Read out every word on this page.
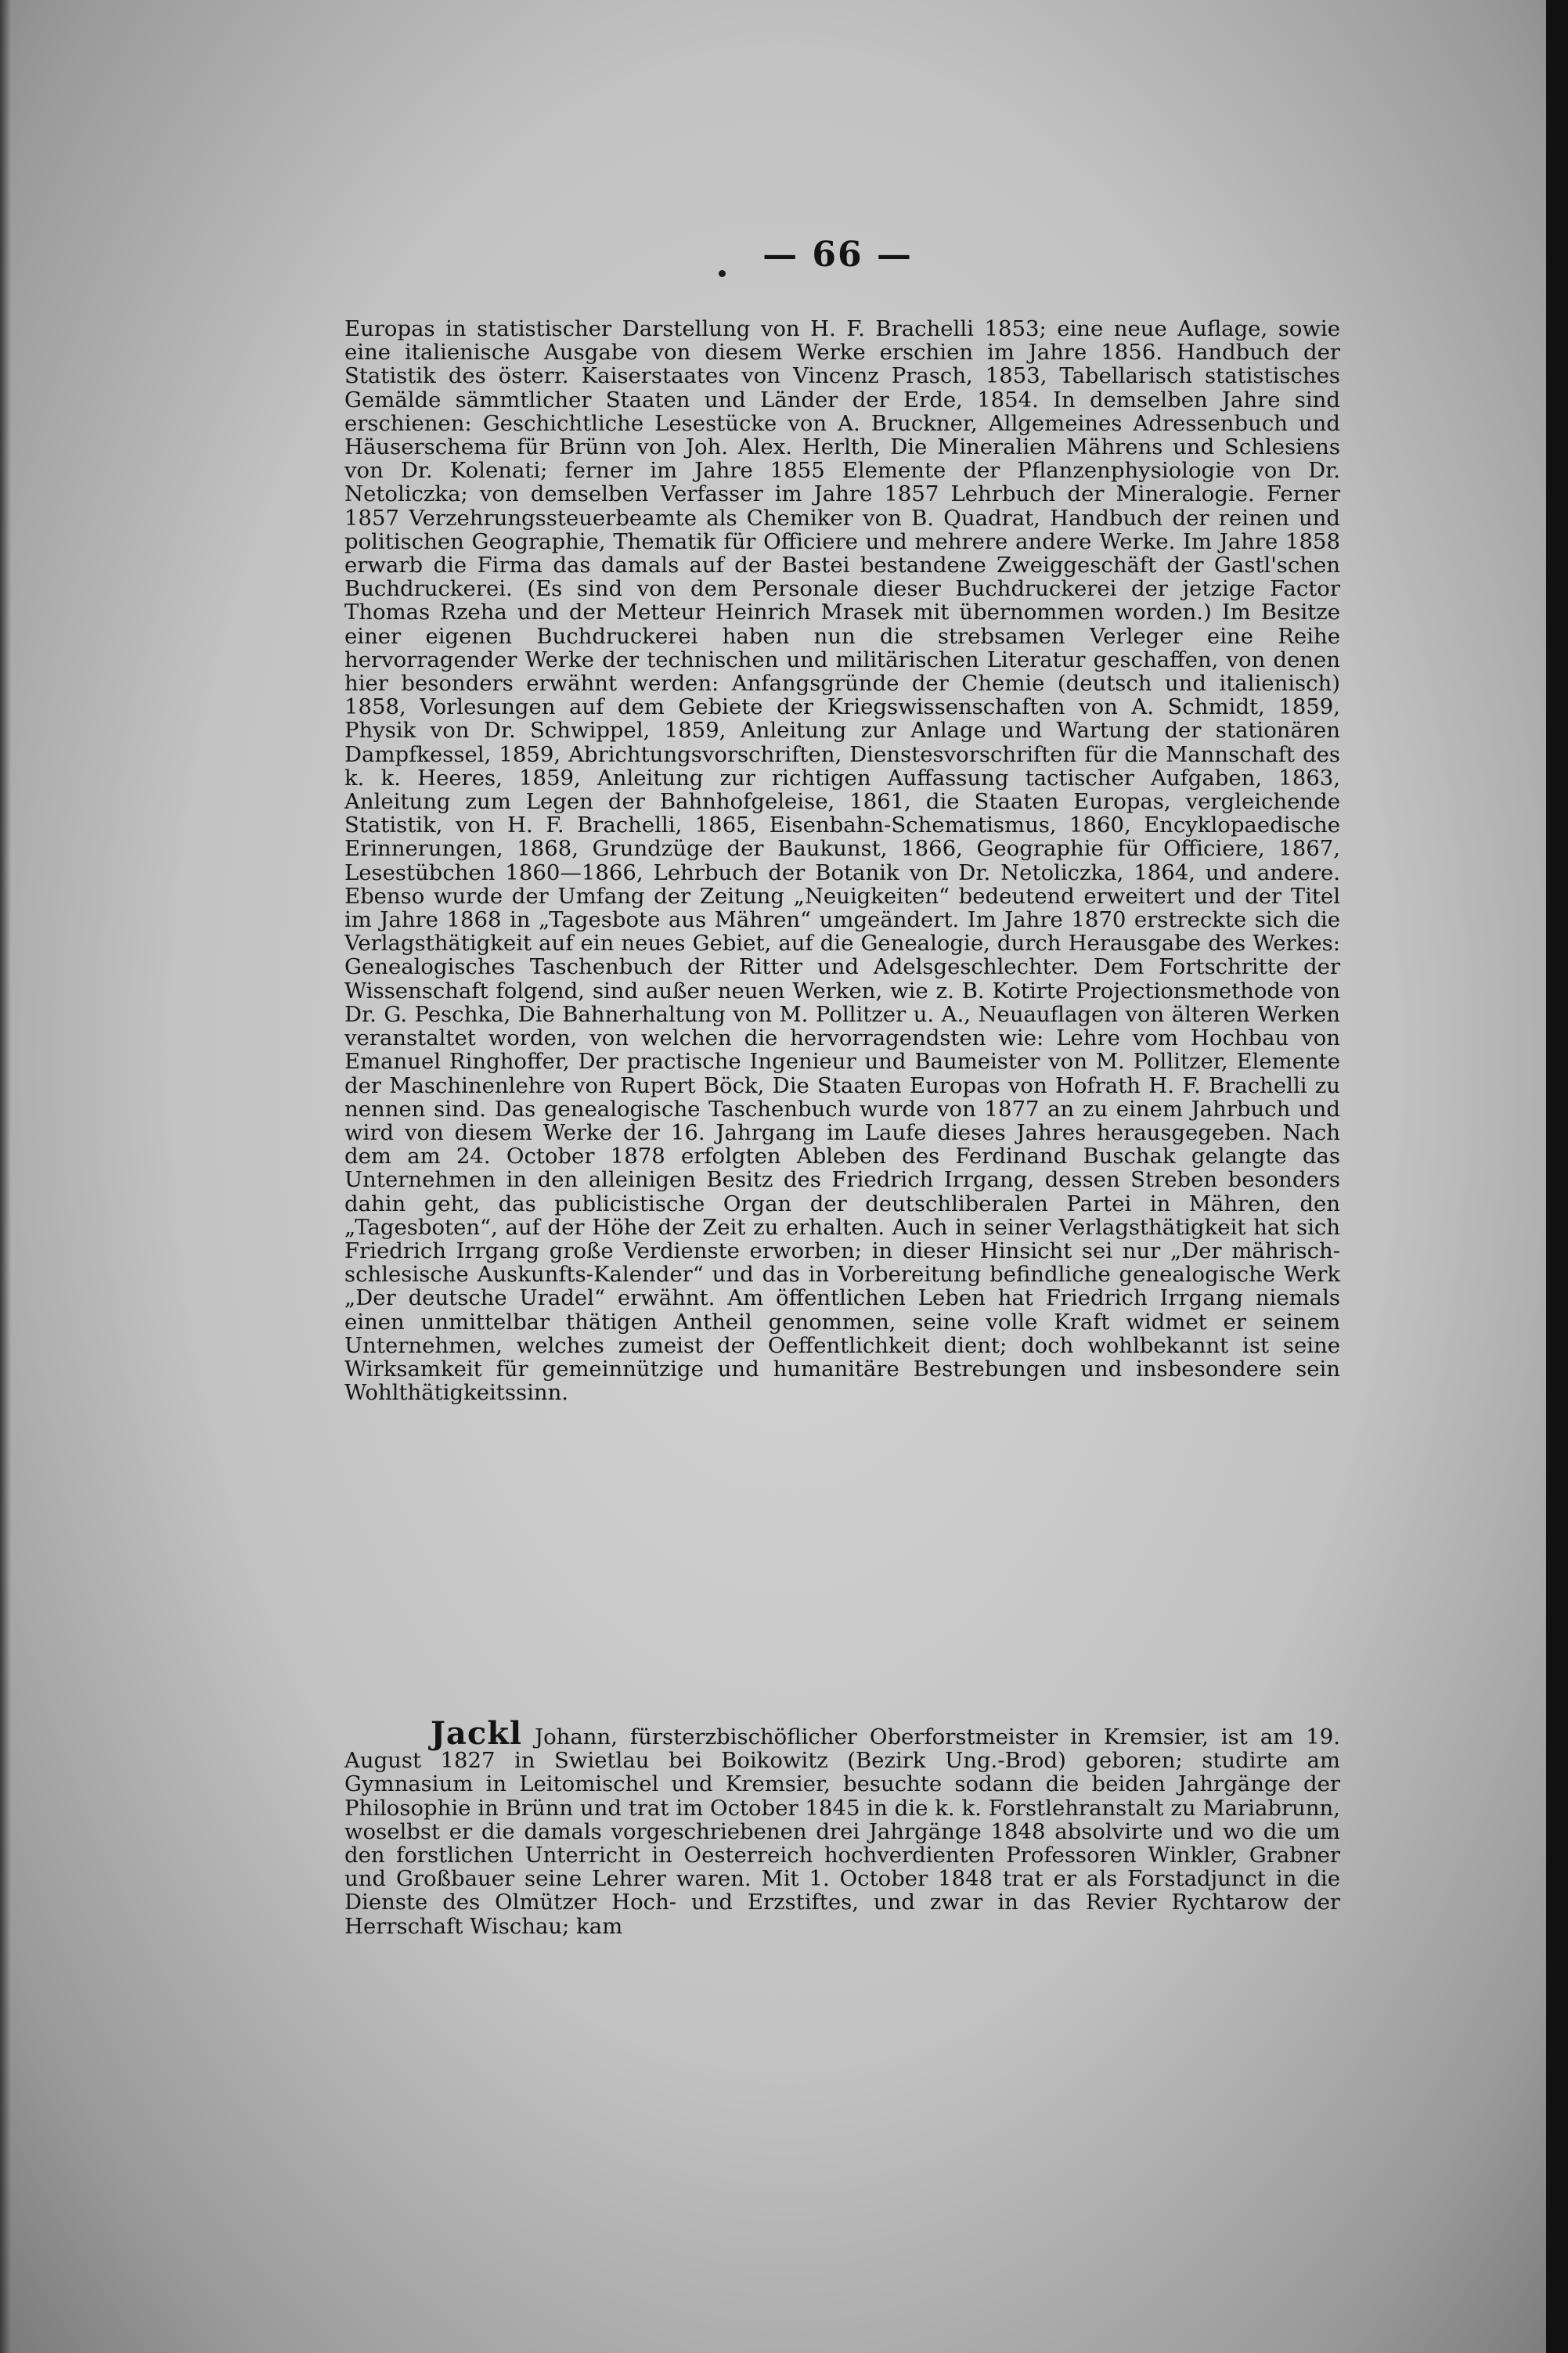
— 66 —

Europas in statistischer Darstellung von H. F. Brachelli 1853; eine neue Auflage, sowie eine italienische Ausgabe von diesem Werke erschien im Jahre 1856. Handbuch der Statistik des österr. Kaiserstaates von Vincenz Prasch, 1853, Tabellarisch statistisches Gemälde sämmtlicher Staaten und Länder der Erde, 1854. In demselben Jahre sind erschienen: Geschichtliche Lesestücke von A. Bruckner, Allgemeines Adressenbuch und Häuserschema für Brünn von Joh. Alex. Herlth, Die Mineralien Mährens und Schlesiens von Dr. Kolenati; ferner im Jahre 1855 Elemente der Pflanzenphysiologie von Dr. Netoliczka; von demselben Verfasser im Jahre 1857 Lehrbuch der Mineralogie. Ferner 1857 Verzehrungssteuerbeamte als Chemiker von B. Quadrat, Handbuch der reinen und politischen Geographie, Thematik für Officiere und mehrere andere Werke. Im Jahre 1858 erwarb die Firma das damals auf der Bastei bestandene Zweiggeschäft der Gastl'schen Buchdruckerei. (Es sind von dem Personale dieser Buchdruckerei der jetzige Factor Thomas Rzeha und der Metteur Heinrich Mrasek mit übernommen worden.) Im Besitze einer eigenen Buchdruckerei haben nun die strebsamen Verleger eine Reihe hervorragender Werke der technischen und militärischen Literatur geschaffen, von denen hier besonders erwähnt werden: Anfangsgründe der Chemie (deutsch und italienisch) 1858, Vorlesungen auf dem Gebiete der Kriegswissenschaften von A. Schmidt, 1859, Physik von Dr. Schwippel, 1859, Anleitung zur Anlage und Wartung der stationären Dampfkessel, 1859, Abrichtungsvorschriften, Dienstesvorschriften für die Mannschaft des k. k. Heeres, 1859, Anleitung zur richtigen Auffassung tactischer Aufgaben, 1863, Anleitung zum Legen der Bahnhofgeleise, 1861, die Staaten Europas, vergleichende Statistik, von H. F. Brachelli, 1865, Eisenbahn-Schematismus, 1860, Encyklopaedische Erinnerungen, 1868, Grundzüge der Baukunst, 1866, Geographie für Officiere, 1867, Lesestübchen 1860—1866, Lehrbuch der Botanik von Dr. Netoliczka, 1864, und andere. Ebenso wurde der Umfang der Zeitung „Neuigkeiten“ bedeutend erweitert und der Titel im Jahre 1868 in „Tagesbote aus Mähren“ umgeändert. Im Jahre 1870 erstreckte sich die Verlagsthätigkeit auf ein neues Gebiet, auf die Genealogie, durch Herausgabe des Werkes: Genealogisches Taschenbuch der Ritter und Adelsgeschlechter. Dem Fortschritte der Wissenschaft folgend, sind außer neuen Werken, wie z. B. Kotirte Projectionsmethode von Dr. G. Peschka, Die Bahnerhaltung von M. Pollitzer u. A., Neuauflagen von älteren Werken veranstaltet worden, von welchen die hervorragendsten wie: Lehre vom Hochbau von Emanuel Ringhoffer, Der practische Ingenieur und Baumeister von M. Pollitzer, Elemente der Maschinenlehre von Rupert Böck, Die Staaten Europas von Hofrath H. F. Brachelli zu nennen sind. Das genealogische Taschenbuch wurde von 1877 an zu einem Jahrbuch und wird von diesem Werke der 16. Jahrgang im Laufe dieses Jahres herausgegeben. Nach dem am 24. October 1878 erfolgten Ableben des Ferdinand Buschak gelangte das Unternehmen in den alleinigen Besitz des Friedrich Irrgang, dessen Streben besonders dahin geht, das publicistische Organ der deutschliberalen Partei in Mähren, den „Tagesboten“, auf der Höhe der Zeit zu erhalten. Auch in seiner Verlagsthätigkeit hat sich Friedrich Irrgang große Verdienste erworben; in dieser Hinsicht sei nur „Der mährisch-schlesische Auskunfts-Kalender“ und das in Vorbereitung befindliche genealogische Werk „Der deutsche Uradel“ erwähnt. Am öffentlichen Leben hat Friedrich Irrgang niemals einen unmittelbar thätigen Antheil genommen, seine volle Kraft widmet er seinem Unternehmen, welches zumeist der Oeffentlichkeit dient; doch wohlbekannt ist seine Wirksamkeit für gemeinnützige und humanitäre Bestrebungen und insbesondere sein Wohlthätigkeitssinn.

Jackl Johann, fürsterzbischöflicher Oberforstmeister in Kremsier, ist am 19. August 1827 in Swietlau bei Boikowitz (Bezirk Ung.-Brod) geboren; studirte am Gymnasium in Leitomischel und Kremsier, besuchte sodann die beiden Jahrgänge der Philosophie in Brünn und trat im October 1845 in die k. k. Forstlehranstalt zu Mariabrunn, woselbst er die damals vorgeschriebenen drei Jahrgänge 1848 absolvirte und wo die um den forstlichen Unterricht in Oesterreich hochverdienten Professoren Winkler, Grabner und Großbauer seine Lehrer waren. Mit 1. October 1848 trat er als Forstadjunct in die Dienste des Olmützer Hoch- und Erzstiftes, und zwar in das Revier Rychtarow der Herrschaft Wischau; kam
